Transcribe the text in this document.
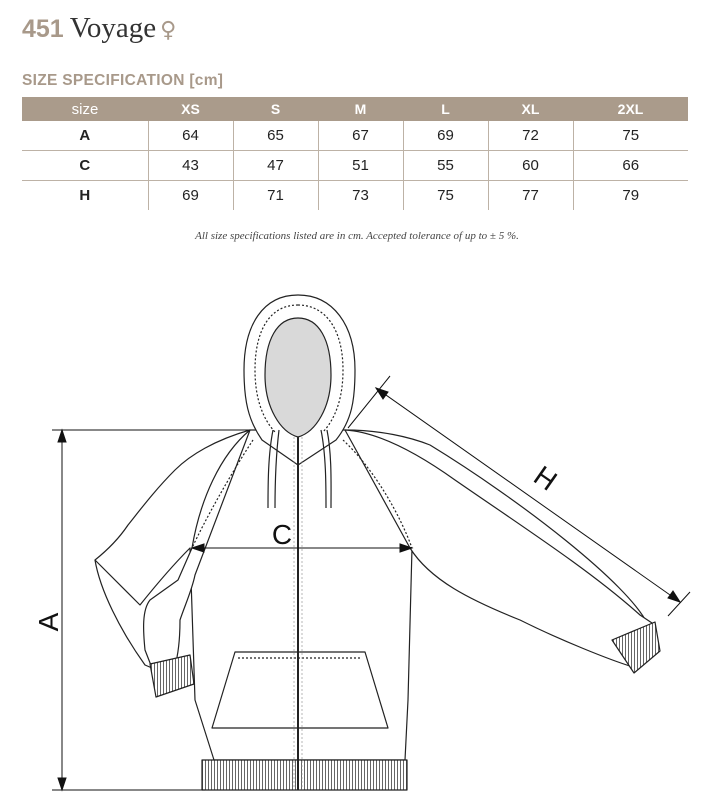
451 Voyage ♀
SIZE SPECIFICATION [cm]
size	XS	S	M	L	XL	2XL
A	64	65	67	69	72	75
C	43	47	51	55	60	66
H	69	71	73	75	77	79
All size specifications listed are in cm. Accepted tolerance of up to ± 5 %.
A
C
H
